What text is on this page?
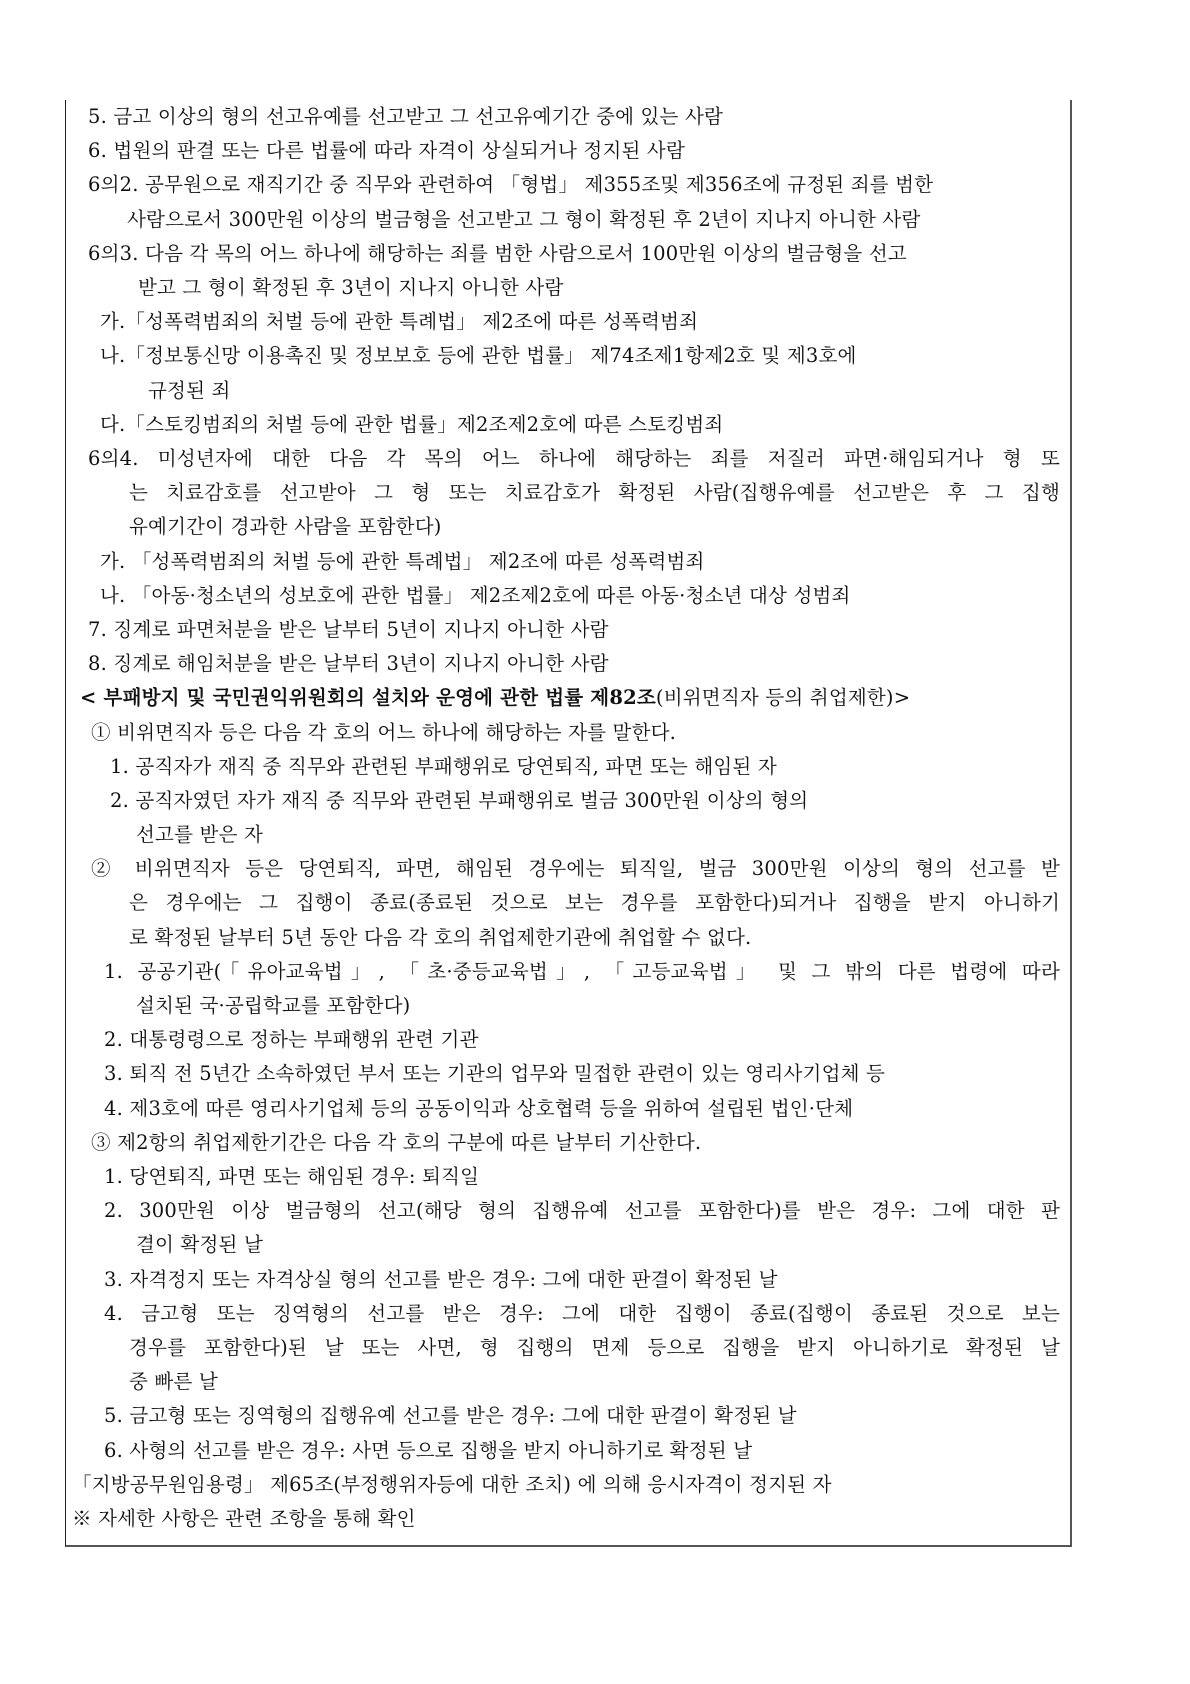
5. 금고 이상의 형의 선고유예를 선고받고 그 선고유예기간 중에 있는 사람
6. 법원의 판결 또는 다른 법률에 따라 자격이 상실되거나 정지된 사람
6의2. 공무원으로 재직기간 중 직무와 관련하여 「형법」 제355조및 제356조에 규정된 죄를 범한
사람으로서 300만원 이상의 벌금형을 선고받고 그 형이 확정된 후 2년이 지나지 아니한 사람
6의3. 다음 각 목의 어느 하나에 해당하는 죄를 범한 사람으로서 100만원 이상의 벌금형을 선고
받고 그 형이 확정된 후 3년이 지나지 아니한 사람
가.「성폭력범죄의 처벌 등에 관한 특례법」 제2조에 따른 성폭력범죄
나.「정보통신망 이용촉진 및 정보보호 등에 관한 법률」 제74조제1항제2호 및 제3호에
규정된 죄
다.「스토킹범죄의 처벌 등에 관한 법률」제2조제2호에 따른 스토킹범죄
6의4. 미성년자에 대한 다음 각 목의 어느 하나에 해당하는 죄를 저질러 파면·해임되거나 형 또
는 치료감호를 선고받아 그 형 또는 치료감호가 확정된 사람(집행유예를 선고받은 후 그 집행
유예기간이 경과한 사람을 포함한다)
가. 「성폭력범죄의 처벌 등에 관한 특례법」 제2조에 따른 성폭력범죄
나. 「아동·청소년의 성보호에 관한 법률」 제2조제2호에 따른 아동·청소년 대상 성범죄
7. 징계로 파면처분을 받은 날부터 5년이 지나지 아니한 사람
8. 징계로 해임처분을 받은 날부터 3년이 지나지 아니한 사람
< 부패방지 및 국민권익위원회의 설치와 운영에 관한 법률 제82조(비위면직자 등의 취업제한)>
① 비위면직자 등은 다음 각 호의 어느 하나에 해당하는 자를 말한다.
1. 공직자가 재직 중 직무와 관련된 부패행위로 당연퇴직, 파면 또는 해임된 자
2. 공직자였던 자가 재직 중 직무와 관련된 부패행위로 벌금 300만원 이상의 형의
선고를 받은 자
② 비위면직자 등은 당연퇴직, 파면, 해임된 경우에는 퇴직일, 벌금 300만원 이상의 형의 선고를 받
은 경우에는 그 집행이 종료(종료된 것으로 보는 경우를 포함한다)되거나 집행을 받지 아니하기
로 확정된 날부터 5년 동안 다음 각 호의 취업제한기관에 취업할 수 없다.
1. 공공기관(「유아교육법」, 「초·중등교육법」, 「고등교육법」 및 그 밖의 다른 법령에 따라
설치된 국·공립학교를 포함한다)
2. 대통령령으로 정하는 부패행위 관련 기관
3. 퇴직 전 5년간 소속하였던 부서 또는 기관의 업무와 밀접한 관련이 있는 영리사기업체 등
4. 제3호에 따른 영리사기업체 등의 공동이익과 상호협력 등을 위하여 설립된 법인·단체
③ 제2항의 취업제한기간은 다음 각 호의 구분에 따른 날부터 기산한다.
1. 당연퇴직, 파면 또는 해임된 경우: 퇴직일
2. 300만원 이상 벌금형의 선고(해당 형의 집행유예 선고를 포함한다)를 받은 경우: 그에 대한 판
결이 확정된 날
3. 자격정지 또는 자격상실 형의 선고를 받은 경우: 그에 대한 판결이 확정된 날
4. 금고형 또는 징역형의 선고를 받은 경우: 그에 대한 집행이 종료(집행이 종료된 것으로 보는
경우를 포함한다)된 날 또는 사면, 형 집행의 면제 등으로 집행을 받지 아니하기로 확정된 날
중 빠른 날
5. 금고형 또는 징역형의 집행유예 선고를 받은 경우: 그에 대한 판결이 확정된 날
6. 사형의 선고를 받은 경우: 사면 등으로 집행을 받지 아니하기로 확정된 날
「지방공무원임용령」 제65조(부정행위자등에 대한 조치) 에 의해 응시자격이 정지된 자
※ 자세한 사항은 관련 조항을 통해 확인
